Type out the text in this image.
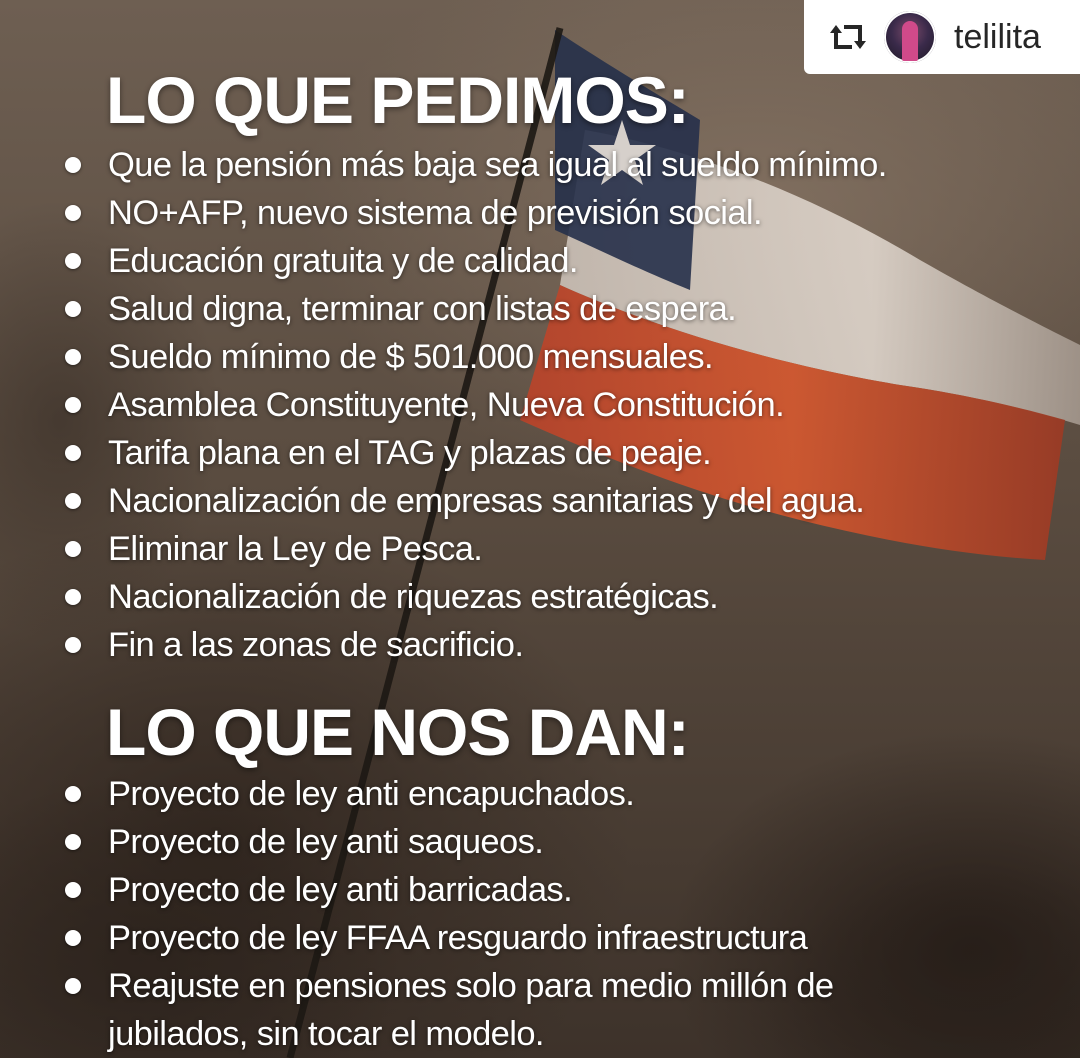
telilita
LO QUE PEDIMOS:
Que la pensión más baja sea igual al sueldo mínimo.
NO+AFP, nuevo sistema de previsión social.
Educación gratuita y de calidad.
Salud digna, terminar con listas de espera.
Sueldo mínimo de $ 501.000 mensuales.
Asamblea Constituyente, Nueva Constitución.
Tarifa plana en el TAG y plazas de peaje.
Nacionalización de empresas sanitarias y del agua.
Eliminar la Ley de Pesca.
Nacionalización de riquezas estratégicas.
Fin a las zonas de sacrificio.
LO QUE NOS DAN:
Proyecto de ley anti encapuchados.
Proyecto de ley anti saqueos.
Proyecto de ley anti barricadas.
Proyecto de ley FFAA resguardo infraestructura
Reajuste en pensiones solo para medio millón de jubilados, sin tocar el modelo.
